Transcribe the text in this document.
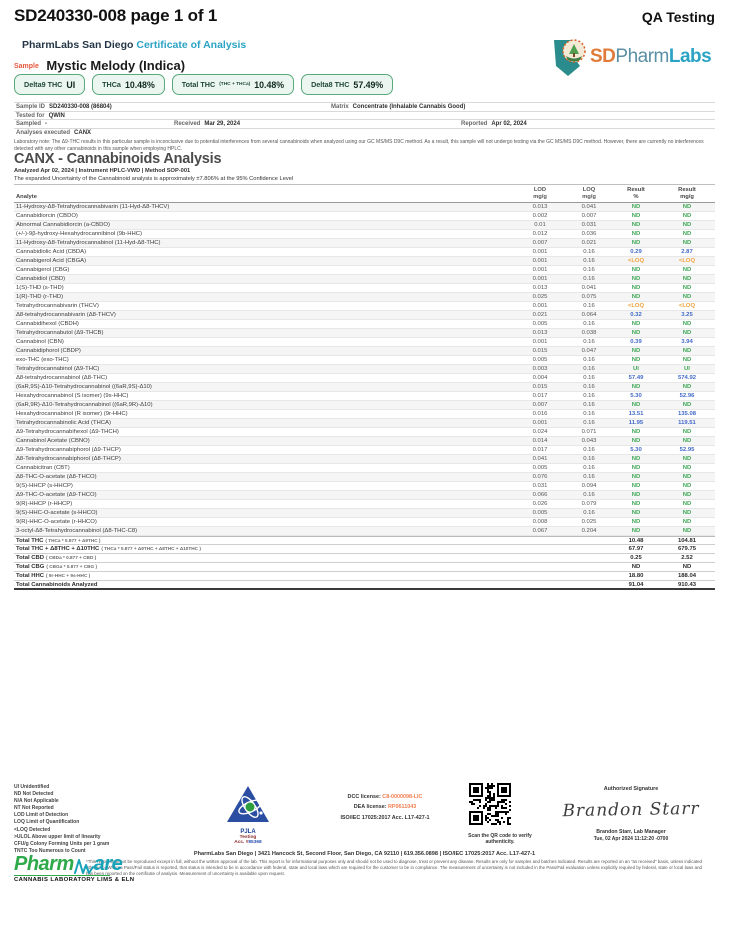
SD240330-008 page 1 of 1	QA Testing
PharmLabs San Diego Certificate of Analysis
SDPharmLabs
Sample Mystic Melody (Indica)
Delta9 THC UI	THCa 10.48%	Total THC (THC + THCa) 10.48%	Delta8 THC 57.49%
Sample ID SD240330-008 (86804)	Matrix Concentrate (Inhalable Cannabis Good)
Tested for QWIN
Sampled -	Received Mar 29, 2024	Reported Apr 02, 2024
Analyses executed CANX
Laboratory note: The Δ9-THC results in this particular sample is inconclusive due to potential interferences from several cannabinoids when analyzed using our GC MS/MS D9C method. As a result, this sample will not undergo testing via the GC MS/MS D9C method. However, there are currently no interferences detected with any other cannabinoids in this sample when employing HPLC.
CANX - Cannabinoids Analysis
Analyzed Apr 02, 2024 | Instrument HPLC-VWD | Method SOP-001
The expanded Uncertainty of the Cannabinoid analysis is approximately ±7.806% at the 95% Confidence Level
Analyte
LOD
mg/g
LOQ
mg/g
Result
%
Result
mg/g
11-Hydroxy-Δ8-Tetrahydrocannabivarin (11-Hyd-Δ8-THCV)	0.013	0.041	ND	ND
Cannabidiorcin (CBDO)	0.002	0.007	ND	ND
Abnormal Cannabidiorcin (a-CBDO)	0.01	0.031	ND	ND
(+/-)-9β-hydroxy-Hexahydrocannibinol (9b-HHC)	0.012	0.036	ND	ND
11-Hydroxy-Δ8-Tetrahydrocannabinol (11-Hyd-Δ8-THC)	0.007	0.021	ND	ND
Cannabidiolic Acid (CBDA)	0.001	0.16	0.29	2.87
Cannabigerol Acid (CBGA)	0.001	0.16	<LOQ	<LOQ
Cannabigerol (CBG)	0.001	0.16	ND	ND
Cannabidiol (CBD)	0.001	0.16	ND	ND
1(S)-THD (s-THD)	0.013	0.041	ND	ND
1(R)-THD (r-THD)	0.025	0.075	ND	ND
Tetrahydrocannabivarin (THCV)	0.001	0.16	<LOQ	<LOQ
Δ8-tetrahydrocannabivarin (Δ8-THCV)	0.021	0.064	0.32	3.25
Cannabidihexol (CBDH)	0.005	0.16	ND	ND
Tetrahydrocannabutol (Δ9-THCB)	0.013	0.038	ND	ND
Cannabinol (CBN)	0.001	0.16	0.39	3.94
Cannabidiphorol (CBDP)	0.015	0.047	ND	ND
exo-THC (exo-THC)	0.005	0.16	ND	ND
Tetrahydrocannabinol (Δ9-THC)	0.003	0.16	UI	UI
Δ8-tetrahydrocannabinol (Δ8-THC)	0.004	0.16	57.49	574.92
(6aR,9S)-Δ10-Tetrahydrocannabinol ((6aR,9S)-Δ10)	0.015	0.16	ND	ND
Hexahydrocannabinol (S isomer) (9s-HHC)	0.017	0.16	5.30	52.96
(6aR,9R)-Δ10-Tetrahydrocannabinol ((6aR,9R)-Δ10)	0.007	0.16	ND	ND
Hexahydrocannabinol (R isomer) (9r-HHC)	0.016	0.16	13.51	135.08
Tetrahydrocannabinolic Acid (THCA)	0.001	0.16	11.95	119.51
Δ9-Tetrahydrocannabihexol (Δ9-THCH)	0.024	0.071	ND	ND
Cannabinol Acetate (CBNO)	0.014	0.043	ND	ND
Δ9-Tetrahydrocannabiphorol (Δ9-THCP)	0.017	0.16	5.30	52.95
Δ8-Tetrahydrocannabiphorol (Δ8-THCP)	0.041	0.16	ND	ND
Cannabicitran (CBT)	0.005	0.16	ND	ND
Δ8-THC-O-acetate (Δ8-THCO)	0.076	0.16	ND	ND
9(S)-HHCP (s-HHCP)	0.031	0.094	ND	ND
Δ9-THC-O-acetate (Δ9-THCO)	0.066	0.16	ND	ND
9(R)-HHCP (r-HHCP)	0.026	0.079	ND	ND
9(S)-HHC-O-acetate (s-HHCO)	0.005	0.16	ND	ND
9(R)-HHC-O-acetate (r-HHCO)	0.008	0.025	ND	ND
3-octyl-Δ8-Tetrahydrocannabinol (Δ8-THC-C8)	0.067	0.204	ND	ND
Total THC ( THCa * 0.877 + Δ9THC )	10.48	104.81
Total THC + Δ8THC + Δ10THC ( THCa * 0.877 + Δ9THC + Δ8THC + Δ10THC )	67.97	679.75
Total CBD ( CBDa * 0.877 + CBD )	0.25	2.52
Total CBG ( CBGa * 0.877 + CBG )	ND	ND
Total HHC ( 9r-HHC + 9s-HHC )	18.80	188.04
Total Cannabinoids Analyzed	91.04	910.43
UI Unidentified
ND Not Detected
N/A Not Applicable
NT Not Reported
LOD Limit of Detection
LOQ Limit of Quantification
<LOQ Detected
>ULOL Above upper limit of linearity
CFU/g Colony Forming Units per 1 gram
TNTC Too Numerous to Count
PJLA
Testing
Acc. #85368
DCC license: C8-0000098-LIC
DEA license: RP0611043
ISO/IEC 17025:2017 Acc. L17-427-1
Scan the QR code to verify authenticity.
Authorized Signature
Brandon Starr
Brandon Starr, Lab Manager
Tue, 02 Apr 2024 11:12:20 -0700
PharmLabs San Diego | 3421 Hancock St, Second Floor, San Diego, CA 92110 | 619.356.0898 | ISO/IEC 17025:2017 Acc. L17-427-1
*This report shall not be reproduced except in full, without the written approval of the lab. This report is for informational purposes only and should not be used to diagnose, treat or prevent any disease. Results are only for samples and batches indicated. Results are reported on an "as received" basis, unless indicated otherwise. When a Pass/Fail status is reported, that status is intended to be in accordance with federal, state and local laws which are required for the customer to be in compliance. The measurement of uncertainty is not included in the Pass/Fail evaluation unless explicitly required by federal, state or local laws and has been reported on the certificate of analysis. Measurement of uncertainty is available upon request.
Pharm are
CANNABIS LABORATORY LIMS & ELN
